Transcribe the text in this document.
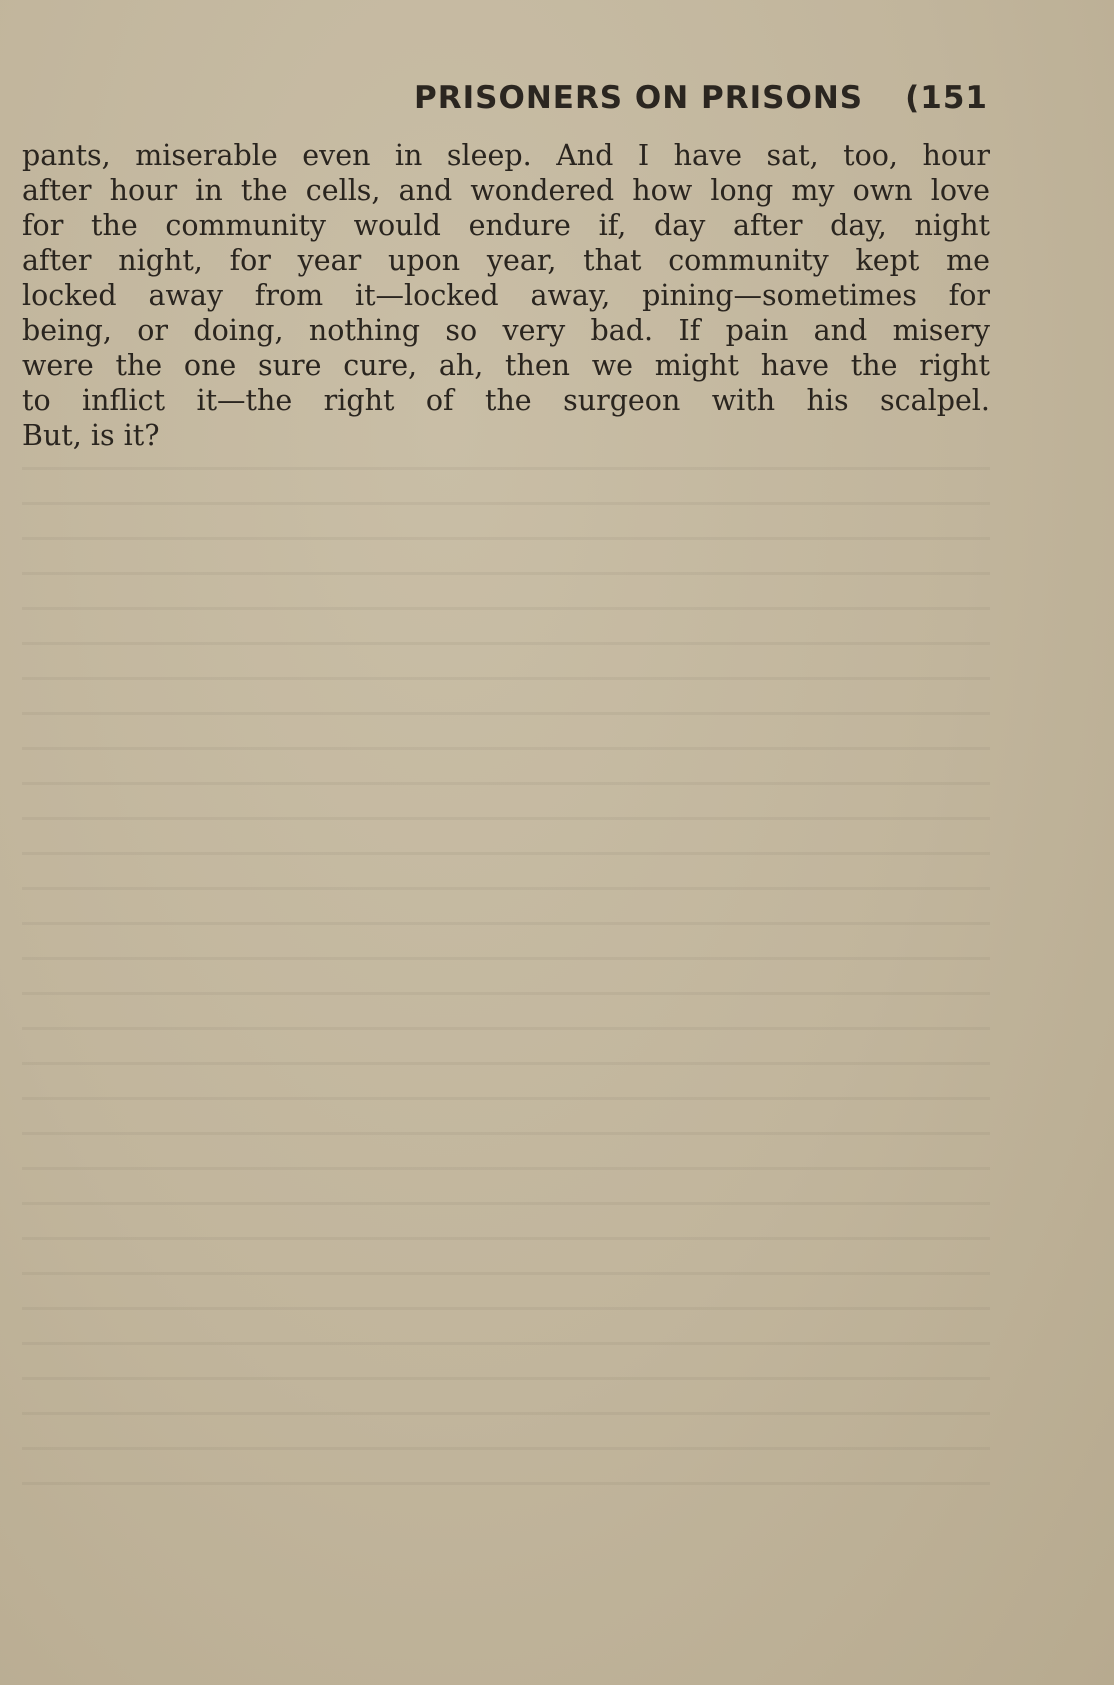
PRISONERS ON PRISONS (151
pants, miserable even in sleep. And I have sat, too, hour
after hour in the cells, and wondered how long my own love
for the community would endure if, day after day, night
after night, for year upon year, that community kept me
locked away from it—locked away, pining—sometimes for
being, or doing, nothing so very bad. If pain and misery
were the one sure cure, ah, then we might have the right
to inflict it—the right of the surgeon with his scalpel.
But, is it?
